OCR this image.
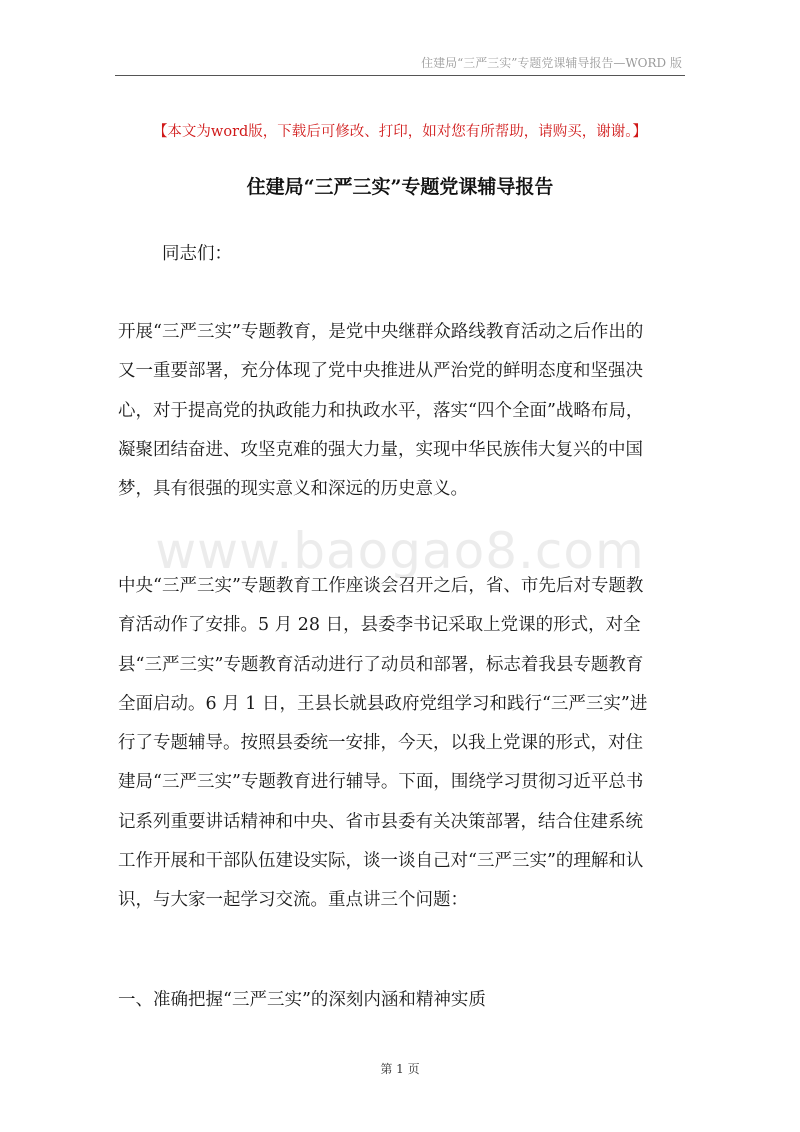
住建局“三严三实”专题党课辅导报告—WORD 版
【本文为word版，下载后可修改、打印，如对您有所帮助，请购买，谢谢。】
住建局“三严三实”专题党课辅导报告
同志们：
www.baogao8.com
开展“三严三实”专题教育，是党中央继群众路线教育活动之后作出的
又一重要部署，充分体现了党中央推进从严治党的鲜明态度和坚强决
心，对于提高党的执政能力和执政水平，落实“四个全面”战略布局，
凝聚团结奋进、攻坚克难的强大力量，实现中华民族伟大复兴的中国
梦，具有很强的现实意义和深远的历史意义。
中央“三严三实”专题教育工作座谈会召开之后，省、市先后对专题教
育活动作了安排。5 月 28 日，县委李书记采取上党课的形式，对全
县“三严三实”专题教育活动进行了动员和部署，标志着我县专题教育
全面启动。6 月 1 日，王县长就县政府党组学习和践行“三严三实”进
行了专题辅导。按照县委统一安排，今天，以我上党课的形式，对住
建局“三严三实”专题教育进行辅导。下面，围绕学习贯彻习近平总书
记系列重要讲话精神和中央、省市县委有关决策部署，结合住建系统
工作开展和干部队伍建设实际，谈一谈自己对“三严三实”的理解和认
识，与大家一起学习交流。重点讲三个问题：
一、准确把握“三严三实”的深刻内涵和精神实质
第 1 页
